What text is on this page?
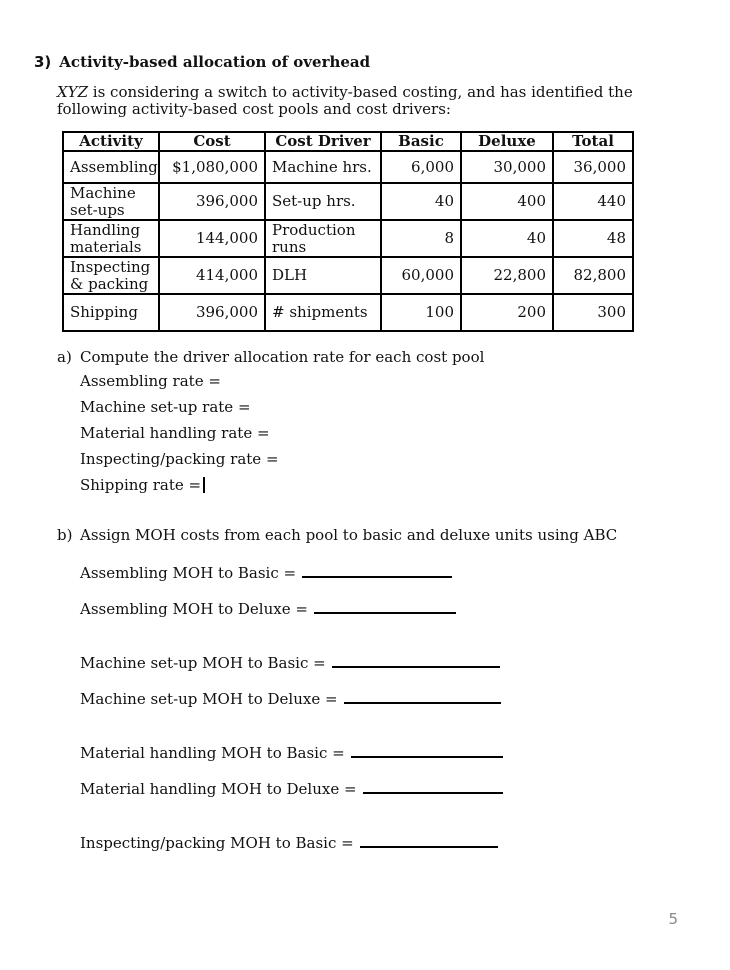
3) Activity-based allocation of overhead
XYZ is considering a switch to activity-based costing, and has identified the
following activity-based cost pools and cost drivers:
Activity	Cost	Cost Driver	Basic	Deluxe	Total
Assembling	$1,080,000	Machine hrs.	6,000	30,000	36,000
Machine
set-ups	396,000	Set-up hrs.	40	400	440
Handling
materials	144,000	Production
runs	8	40	48
Inspecting
& packing	414,000	DLH	60,000	22,800	82,800
Shipping	396,000	# shipments	100	200	300
a) Compute the driver allocation rate for each cost pool
Assembling rate =
Machine set-up rate =
Material handling rate =
Inspecting/packing rate =
Shipping rate =
b) Assign MOH costs from each pool to basic and deluxe units using ABC
Assembling MOH to Basic =
Assembling MOH to Deluxe =
Machine set-up MOH to Basic =
Machine set-up MOH to Deluxe =
Material handling MOH to Basic =
Material handling MOH to Deluxe =
Inspecting/packing MOH to Basic =
5
